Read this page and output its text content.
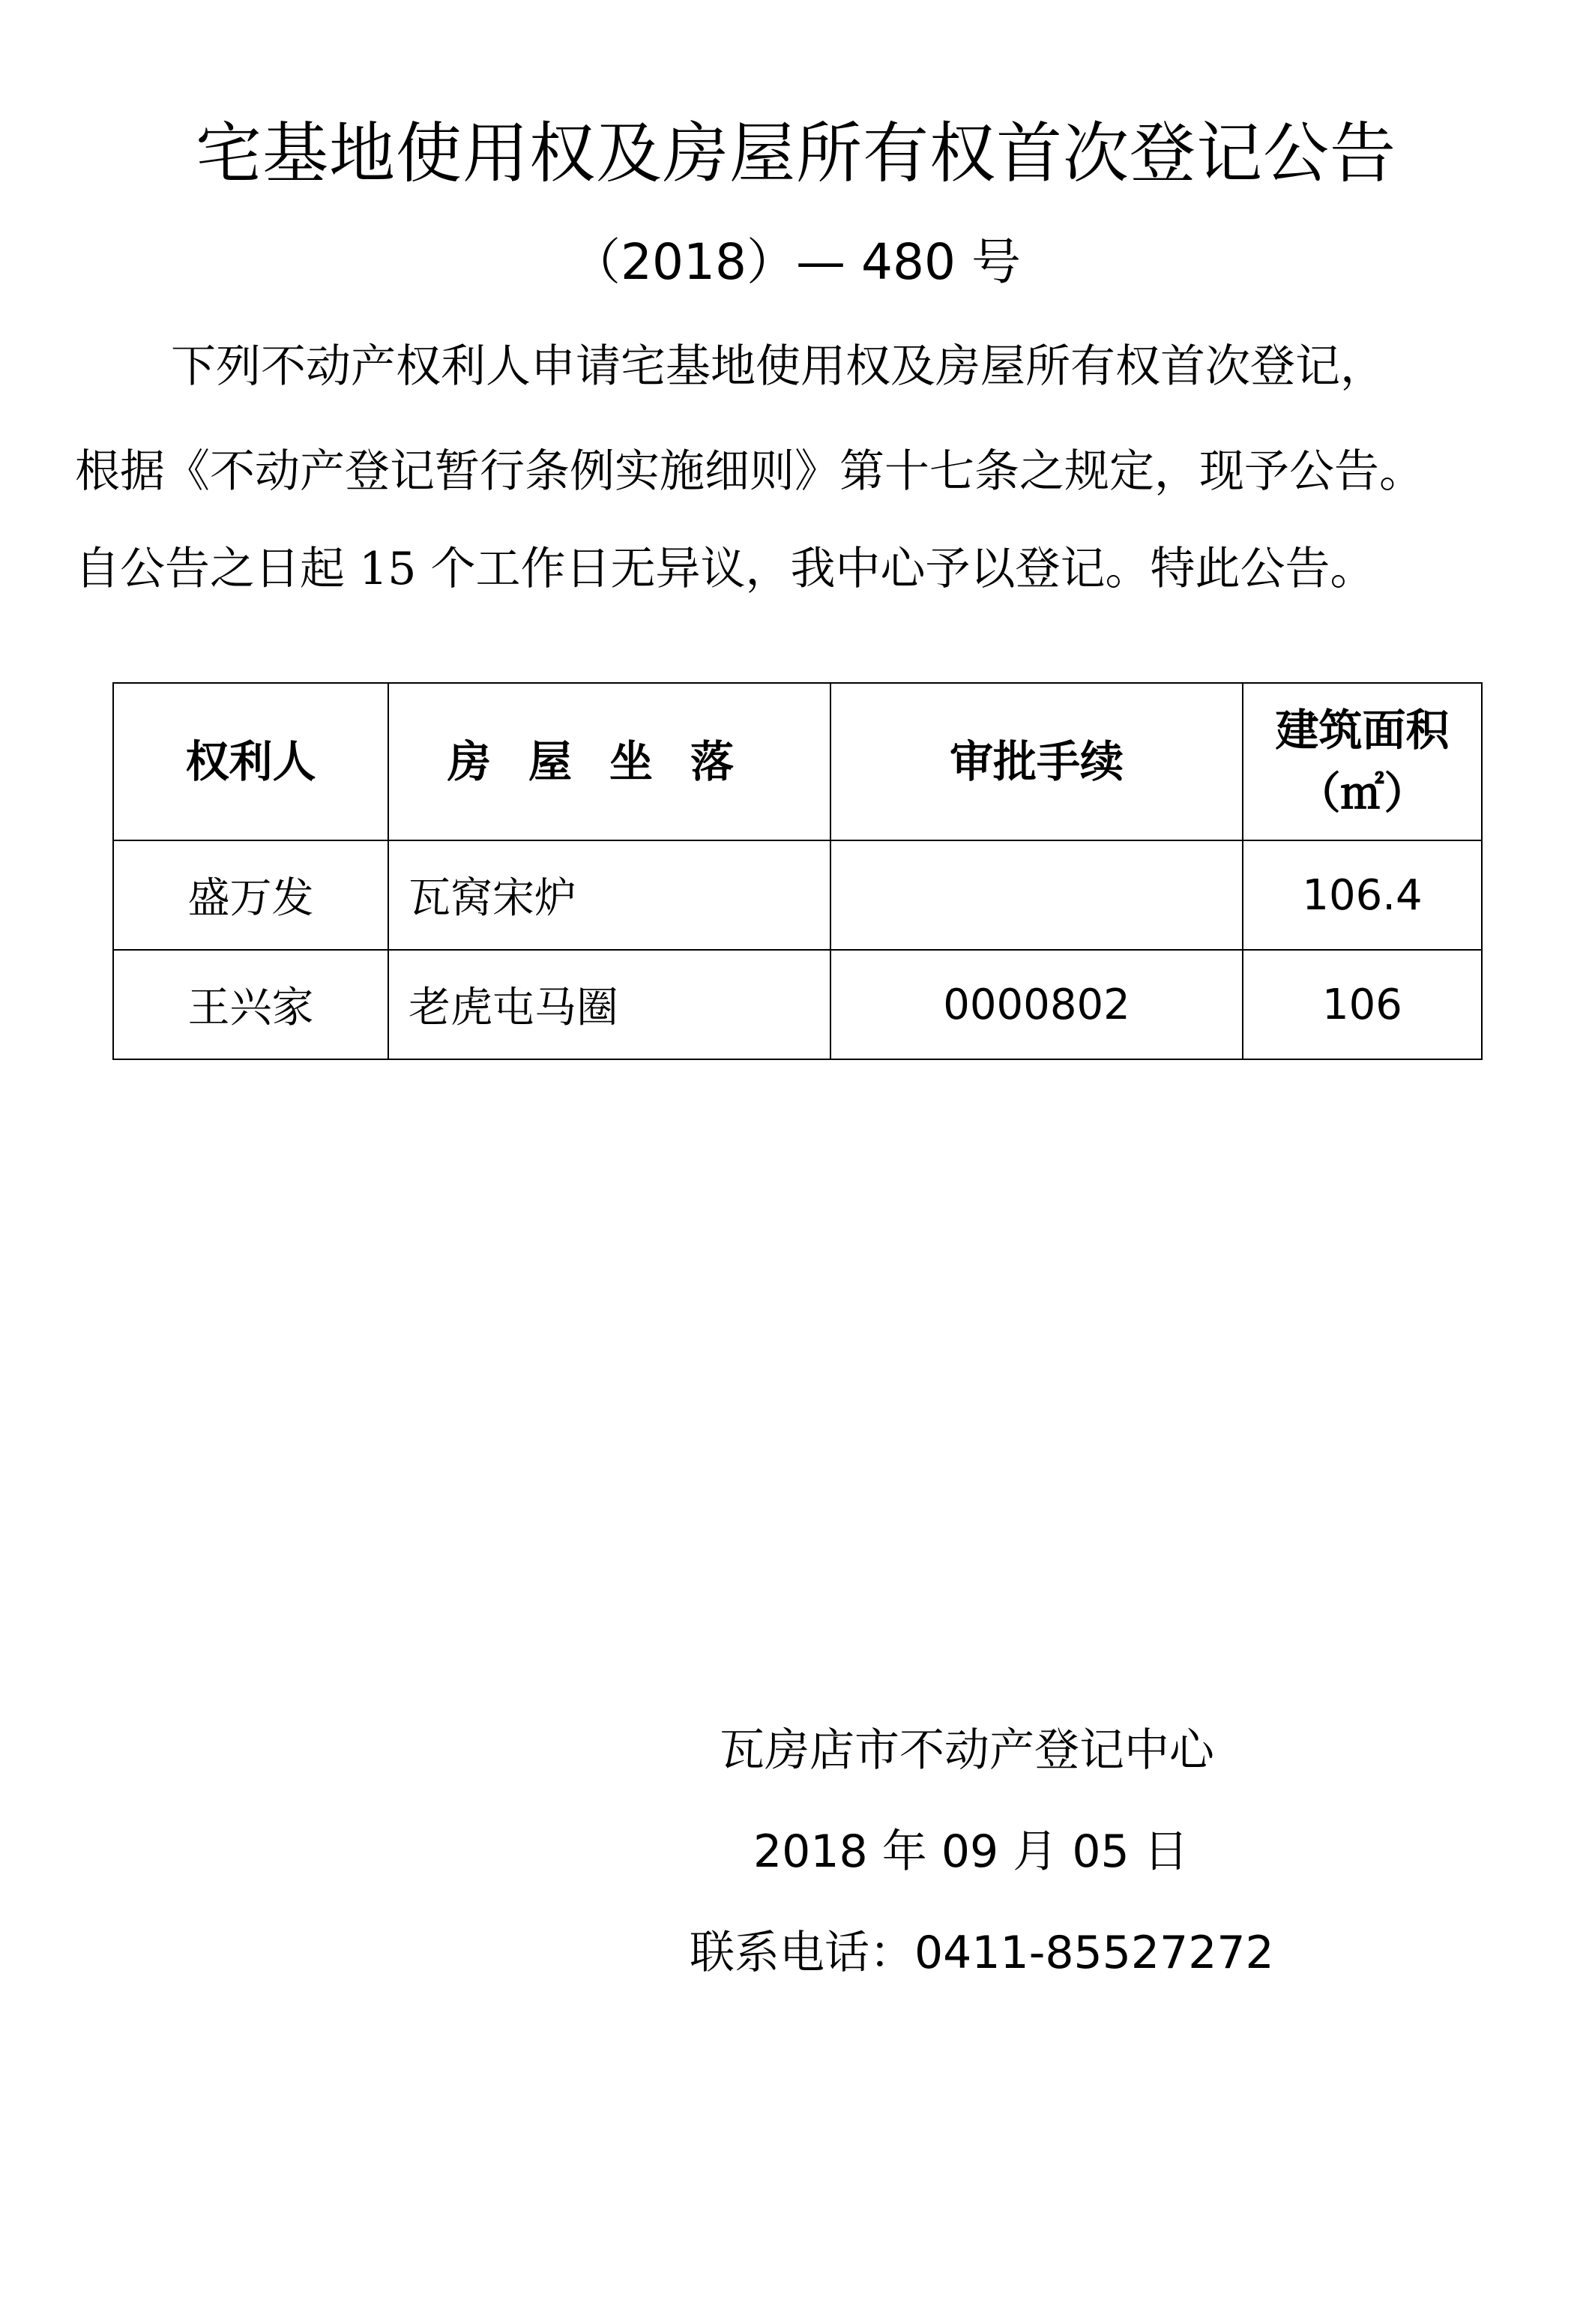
宅基地使用权及房屋所有权首次登记公告
（2018）— 480 号
下列不动产权利人申请宅基地使用权及房屋所有权首次登记，
根据《不动产登记暂行条例实施细则》第十七条之规定，现予公告。
自公告之日起 15 个工作日无异议，我中心予以登记。特此公告。
权利人	房屋坐落	审批手续	建筑面积
（㎡）

盛万发	瓦窝宋炉		106.4
王兴家	老虎屯马圈	0000802	106
瓦房店市不动产登记中心
2018 年 09 月 05 日
联系电话：0411-85527272
